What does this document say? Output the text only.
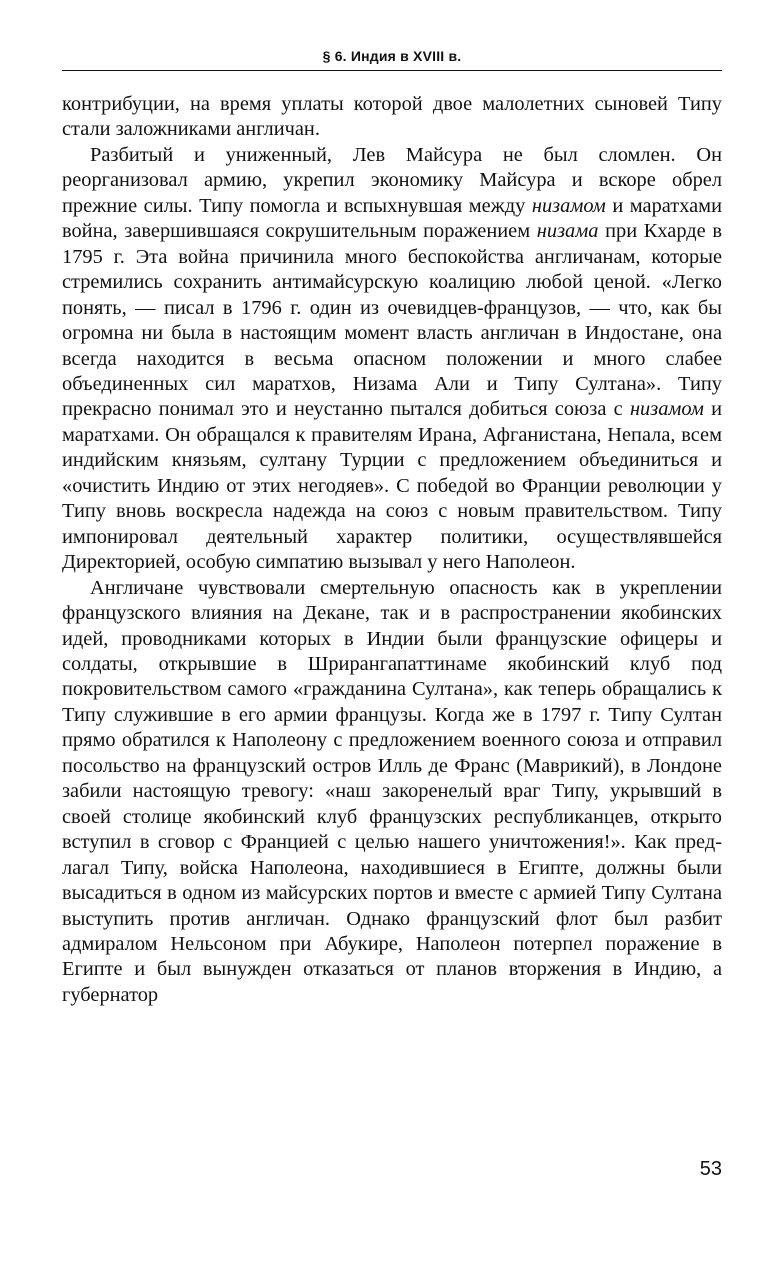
§ 6. Индия в XVIII в.

контрибуции, на время уплаты которой двое малолетних сыновей Типу стали заложниками англичан.

Разбитый и униженный, Лев Майсура не был сломлен. Он реорганизовал армию, укрепил экономику Майсура и вскоре обрел прежние силы. Типу помогла и вспыхнувшая между низамом и маратхами война, завершившаяся сокрушительным поражением низама при Кхарде в 1795 г. Эта война причинила много беспокойства англичанам, которые стремились сохранить антимайсурскую коалицию любой ценой. «Легко понять, — писал в 1796 г. один из очевидцев-французов, — что, как бы огромна ни была в настоящим момент власть англичан в Индостане, она всегда находится в весьма опасном положении и много слабее объединенных сил маратхов, Низама Али и Типу Султана». Типу прекрасно понимал это и неустанно пытался добиться союза с низамом и маратхами. Он обращался к правителям Ирана, Афганистана, Непала, всем индийским князьям, султану Турции с предложением объединиться и «очистить Индию от этих негодяев». С победой во Франции революции у Типу вновь воскресла надежда на союз с новым правительством. Типу импонировал деятельный характер политики, осуществлявшейся Директорией, особую симпатию вызывал у него Наполеон.

Англичане чувствовали смертельную опасность как в укреплении французского влияния на Декане, так и в распространении якобинских идей, проводниками которых в Индии были французские офицеры и солдаты, открывшие в Шрирангапаттинаме якобинский клуб под покровительством самого «гражданина Султана», как теперь обращались к Типу служившие в его армии французы. Когда же в 1797 г. Типу Султан прямо обратился к Наполеону с предложением военного союза и отправил посольство на французский остров Илль де Франс (Маврикий), в Лондоне забили настоящую тревогу: «наш закоренелый враг Типу, укрывший в своей столице якобинский клуб французских республиканцев, открыто вступил в сговор с Францией с целью нашего уничтожения!». Как предлагал Типу, войска Наполеона, находившиеся в Египте, должны были высадиться в одном из майсурских портов и вместе с армией Типу Султана выступить против англичан. Однако французский флот был разбит адмиралом Нельсоном при Абукире, Наполеон потерпел поражение в Египте и был вынужден отказаться от планов вторжения в Индию, а губернатор

53
